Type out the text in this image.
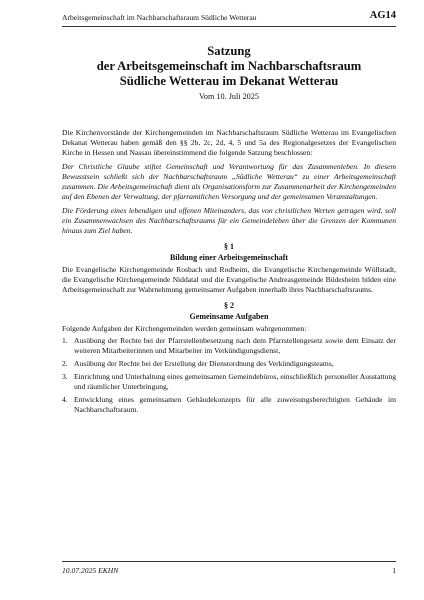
Arbeitsgemeinschaft im Nachbarschaftsraum Südliche Wetterau	AG14
Satzung
der Arbeitsgemeinschaft im Nachbarschaftsraum
Südliche Wetterau im Dekanat Wetterau
Vom 10. Juli 2025

Die Kirchenvorstände der Kirchengemeinden im Nachbarschaftsraum Südliche Wetterau im Evangelischen Dekanat Wetterau haben gemäß den §§ 2b, 2c, 2d, 4, 5 und 5a des Regionalgesetzes der Evangelischen Kirche in Hessen und Nassau übereinstimmend die folgende Satzung beschlossen:

Der Christliche Glaube stiftet Gemeinschaft und Verantwortung für das Zusammenleben. In diesem Bewusstsein schließt sich der Nachbarschaftsraum „Südliche Wetterau“ zu einer Arbeitsgemeinschaft zusammen. Die Arbeitsgemeinschaft dient als Organisationsform zur Zusammenarbeit der Kirchengemeinden auf den Ebenen der Verwaltung, der pfarramtlichen Versorgung und der gemeinsamen Veranstaltungen.

Die Förderung eines lebendigen und offenen Miteinanders, das von christlichen Werten getragen wird, soll ein Zusammenwachsen des Nachbarschaftsraums für ein Gemeindeleben über die Grenzen der Kommunen hinaus zum Ziel haben.

§ 1
Bildung einer Arbeitsgemeinschaft

Die Evangelische Kirchengemeinde Rosbach und Rodheim, die Evangelische Kirchengemeinde Wöllstadt, die Evangelische Kirchengemeinde Niddatal und die Evangelische Andreasgemeinde Büdesheim bilden eine Arbeitsgemeinschaft zur Wahrnehmung gemeinsamer Aufgaben innerhalb ihres Nachbarschaftsraums.

§ 2
Gemeinsame Aufgaben

Folgende Aufgaben der Kirchengemeinden werden gemeinsam wahrgenommen:

1. Ausübung der Rechte bei der Pfarrstellenbesetzung nach dem Pfarrstellengesetz sowie dem Einsatz der weiteren Mitarbeiterinnen und Mitarbeiter im Verkündigungsdienst,
2. Ausübung der Rechte bei der Erstellung der Dienstordnung des Verkündigungsteams,
3. Einrichtung und Unterhaltung eines gemeinsamen Gemeindebüros, einschließlich personeller Ausstattung und räumlicher Unterbringung,
4. Entwicklung eines gemeinsamen Gebäudekonzepts für alle zuweisungsberechtigten Gebäude im Nachbarschaftsraum.
10.07.2025 EKHN	1
